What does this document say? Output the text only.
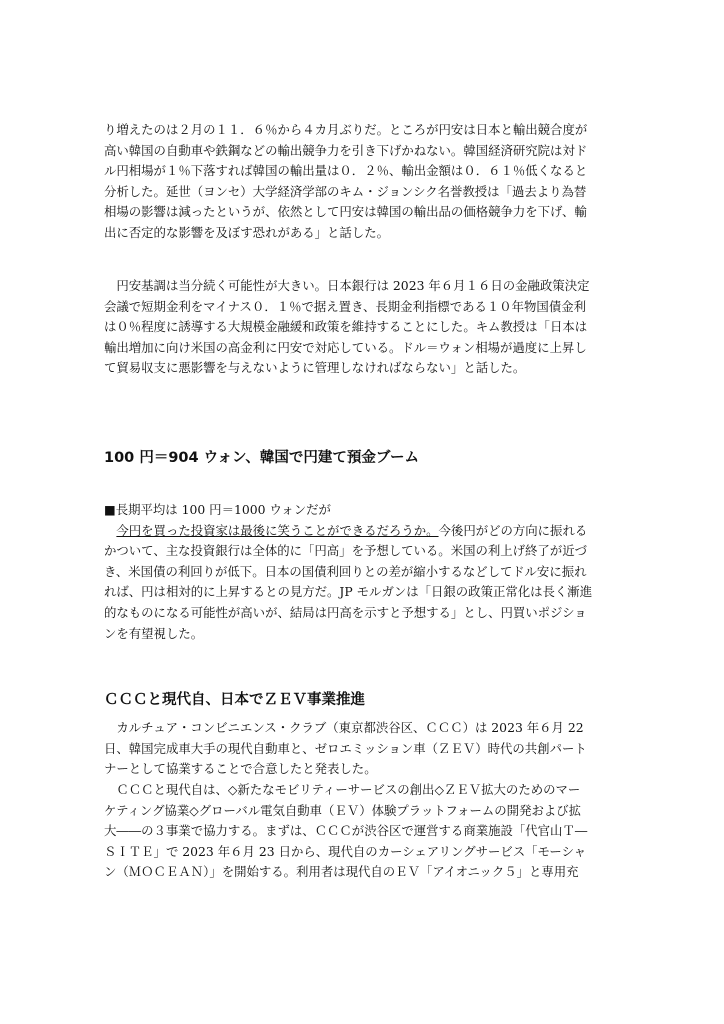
り増えたのは２月の１１．６％から４カ月ぶりだ。ところが円安は日本と輸出競合度が
高い韓国の自動車や鉄鋼などの輸出競争力を引き下げかねない。韓国経済研究院は対ド
ル円相場が１％下落すれば韓国の輸出量は０．２％、輸出金額は０．６１％低くなると
分析した。延世（ヨンセ）大学経済学部のキム・ジョンシク名誉教授は「過去より為替
相場の影響は減ったというが、依然として円安は韓国の輸出品の価格競争力を下げ、輸
出に否定的な影響を及ぼす恐れがある」と話した。
　円安基調は当分続く可能性が大きい。日本銀行は 2023 年６月１６日の金融政策決定
会議で短期金利をマイナス０．１％で据え置き、長期金利指標である１０年物国債金利
は０％程度に誘導する大規模金融緩和政策を維持することにした。キム教授は「日本は
輸出増加に向け米国の高金利に円安で対応している。ドル＝ウォン相場が過度に上昇し
て貿易収支に悪影響を与えないように管理しなければならない」と話した。
100 円＝904 ウォン、韓国で円建て預金ブーム
■長期平均は 100 円＝1000 ウォンだが
　今円を買った投資家は最後に笑うことができるだろうか。今後円がどの方向に振れる
かついて、主な投資銀行は全体的に「円高」を予想している。米国の利上げ終了が近づ
き、米国債の利回りが低下。日本の国債利回りとの差が縮小するなどしてドル安に振れ
れば、円は相対的に上昇するとの見方だ。JP モルガンは「日銀の政策正常化は長く漸進
的なものになる可能性が高いが、結局は円高を示すと予想する」とし、円買いポジショ
ンを有望視した。
ＣＣＣと現代自、日本でＺＥＶ事業推進
　カルチュア・コンビニエンス・クラブ（東京都渋谷区、ＣＣＣ）は 2023 年６月 22
日、韓国完成車大手の現代自動車と、ゼロエミッション車（ＺＥＶ）時代の共創パート
ナーとして協業することで合意したと発表した。
　ＣＣＣと現代自は、◇新たなモビリティーサービスの創出◇ＺＥＶ拡大のためのマー
ケティング協業◇グローバル電気自動車（ＥＶ）体験プラットフォームの開発および拡
大――の３事業で協力する。まずは、ＣＣＣが渋谷区で運営する商業施設「代官山Ｔ―
ＳＩＴＥ」で 2023 年６月 23 日から、現代自のカーシェアリングサービス「モーシャ
ン（ＭＯＣＥＡＮ）」を開始する。利用者は現代自のＥＶ「アイオニック５」と専用充
